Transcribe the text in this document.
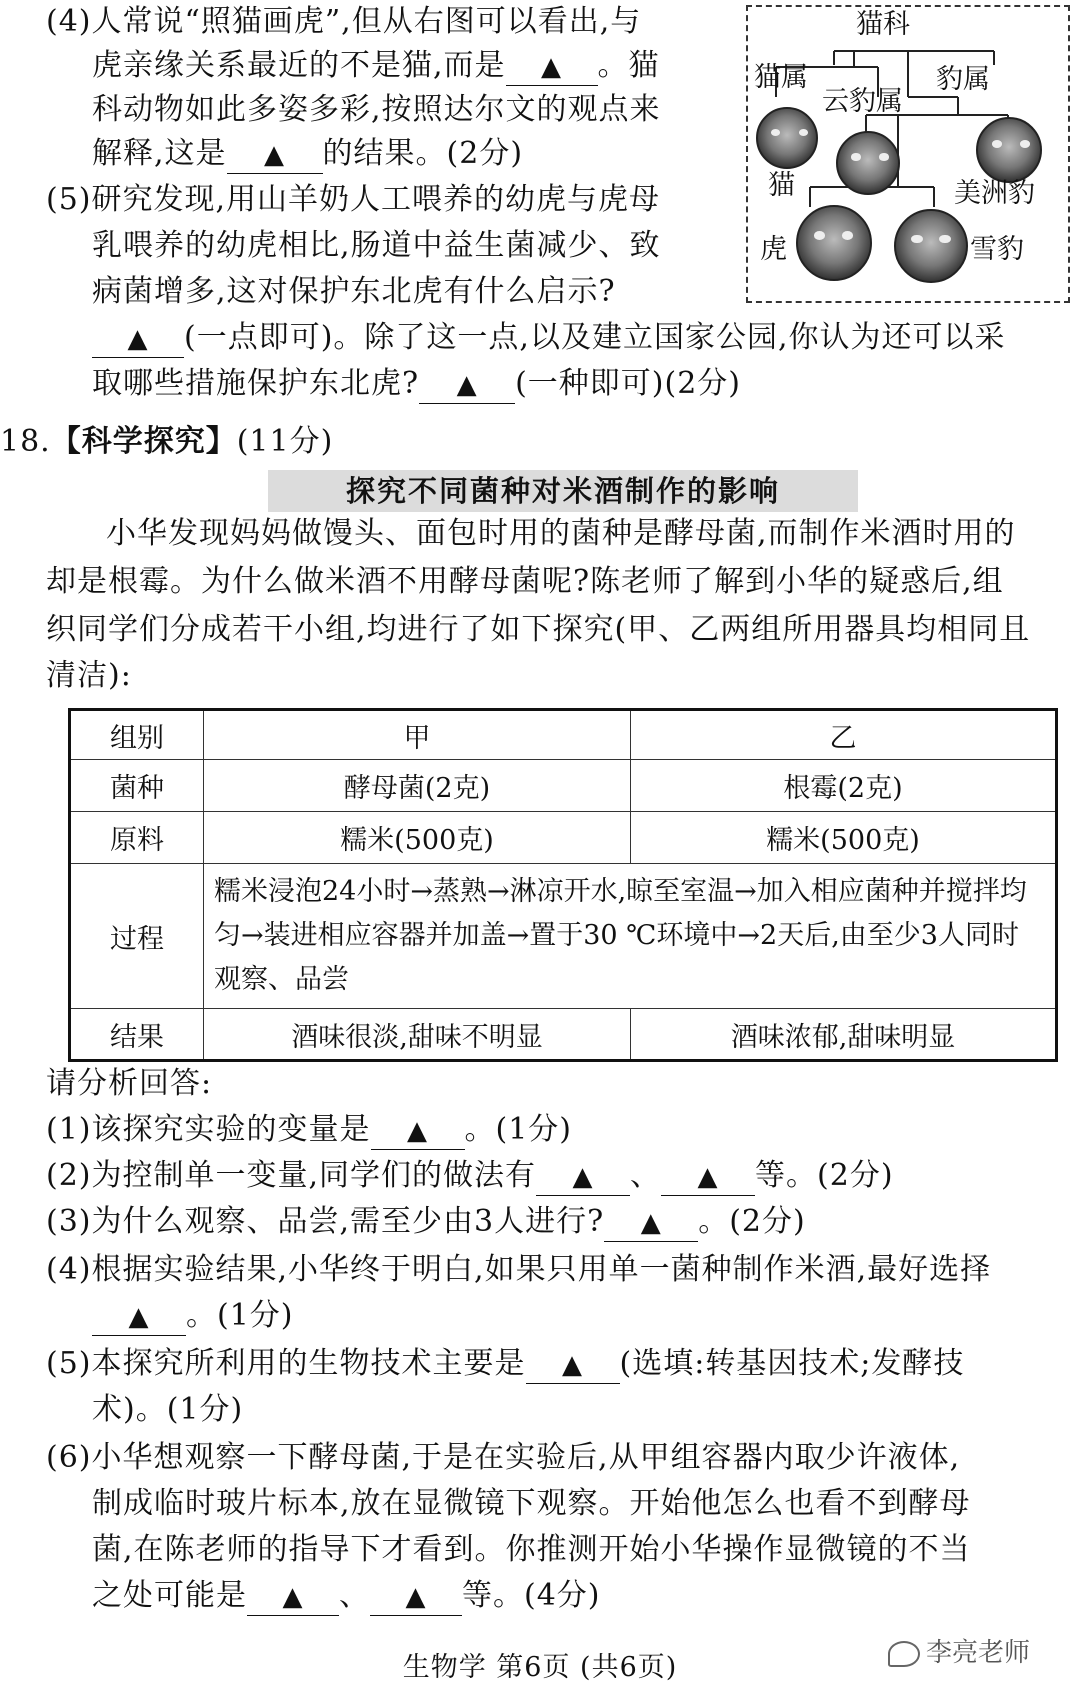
(4)人常说“照猫画虎”,但从右图可以看出,与
虎亲缘关系最近的不是猫,而是 ▲ 。猫
科动物如此多姿多彩,按照达尔文的观点来
解释,这是 ▲ 的结果。(2分)
(5)研究发现,用山羊奶人工喂养的幼虎与虎母
乳喂养的幼虎相比,肠道中益生菌减少、致
病菌增多,这对保护东北虎有什么启示?
▲ (一点即可)。除了这一点,以及建立国家公园,你认为还可以采
取哪些措施保护东北虎? ▲ (一种即可)(2分)
猫科
猫属
云豹属
豹属
猫	美洲豹
虎	雪豹
18.【科学探究】(11分)
探究不同菌种对米酒制作的影响
小华发现妈妈做馒头、面包时用的菌种是酵母菌,而制作米酒时用的
却是根霉。为什么做米酒不用酵母菌呢?陈老师了解到小华的疑惑后,组
织同学们分成若干小组,均进行了如下探究(甲、乙两组所用器具均相同且
清洁):
组别	甲	乙
菌种	酵母菌(2克)	根霉(2克)
原料	糯米(500克)	糯米(500克)
过程	糯米浸泡24小时→蒸熟→淋凉开水,晾至室温→加入相应菌种并搅拌均匀→装进相应容器并加盖→置于30 ℃环境中→2天后,由至少3人同时观察、品尝	
结果	酒味很淡,甜味不明显	酒味浓郁,甜味明显
请分析回答:
(1)该探究实验的变量是 ▲ 。(1分)
(2)为控制单一变量,同学们的做法有 ▲ 、 ▲ 等。(2分)
(3)为什么观察、品尝,需至少由3人进行? ▲ 。(2分)
(4)根据实验结果,小华终于明白,如果只用单一菌种制作米酒,最好选择
▲ 。(1分)
(5)本探究所利用的生物技术主要是 ▲ (选填:转基因技术;发酵技
术)。(1分)
(6)小华想观察一下酵母菌,于是在实验后,从甲组容器内取少许液体,
制成临时玻片标本,放在显微镜下观察。开始他怎么也看不到酵母
菌,在陈老师的指导下才看到。你推测开始小华操作显微镜的不当
之处可能是 ▲ 、 ▲ 等。(4分)
李亮老师
生物学 第6页 (共6页)
